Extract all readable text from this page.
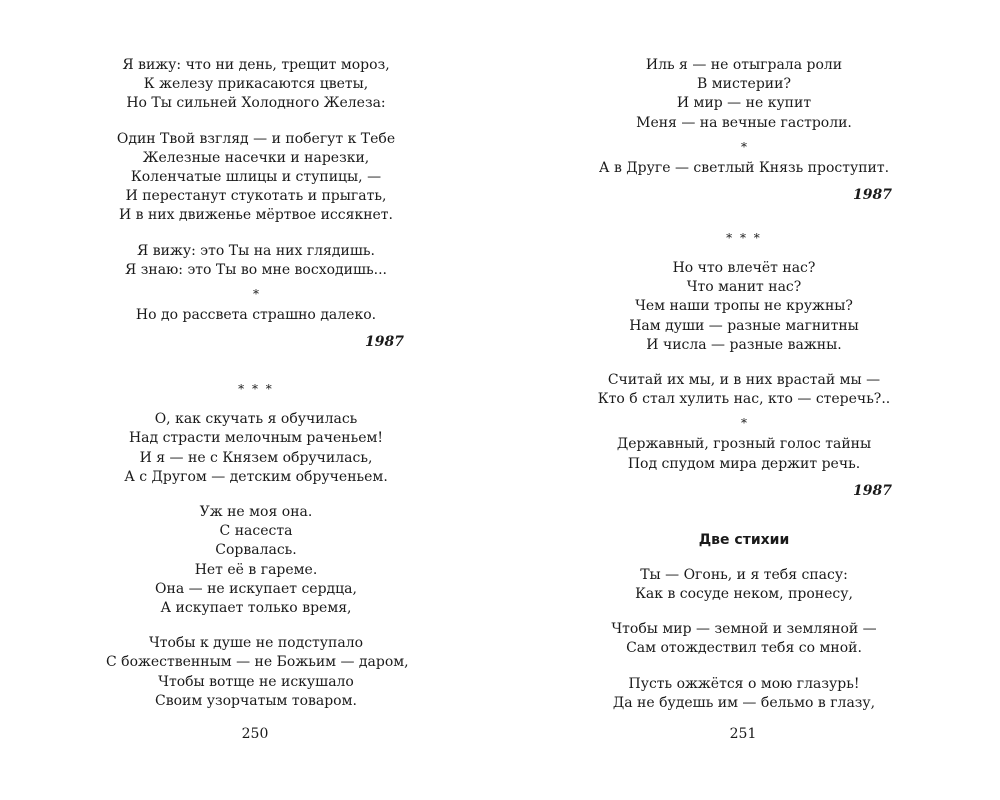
Я вижу: что ни день, трещит мороз,
К железу прикасаются цветы,
Но Ты сильней Холодного Железа:
Один Твой взгляд — и побегут к Тебе
Железные насечки и нарезки,
Коленчатые шлицы и ступицы, —
И перестанут стукотать и прыгать,
И в них движенье мёртвое иссякнет.
Я вижу: это Ты на них глядишь.
Я знаю: это Ты во мне восходишь...
*
Но до рассвета страшно далеко.
1987
* * *
О, как скучать я обучилась
Над страсти мелочным раченьем!
И я — не с Князем обручилась,
А с Другом — детским обрученьем.
Уж не моя она.
С насеста
Сорвалась.
Нет её в гареме.
Она — не искупает сердца,
А искупает только время,
Чтобы к душе не подступало
С божественным — не Божьим — даром,
Чтобы вотще не искушало
Своим узорчатым товаром.
250
Иль я — не отыграла роли
В мистерии?
И мир — не купит
Меня — на вечные гастроли.
*
А в Друге — светлый Князь проступит.
1987
* * *
Но что влечёт нас?
Что манит нас?
Чем наши тропы не кружны?
Нам души — разные магнитны
И числа — разные важны.
Считай их мы, и в них врастай мы —
Кто б стал хулить нас, кто — стеречь?..
*
Державный, грозный голос тайны
Под спудом мира держит речь.
1987
Две стихии
Ты — Огонь, и я тебя спасу:
Как в сосуде неком, пронесу,
Чтобы мир — земной и земляной —
Сам отождествил тебя со мной.
Пусть ожжётся о мою глазурь!
Да не будешь им — бельмо в глазу,
251
